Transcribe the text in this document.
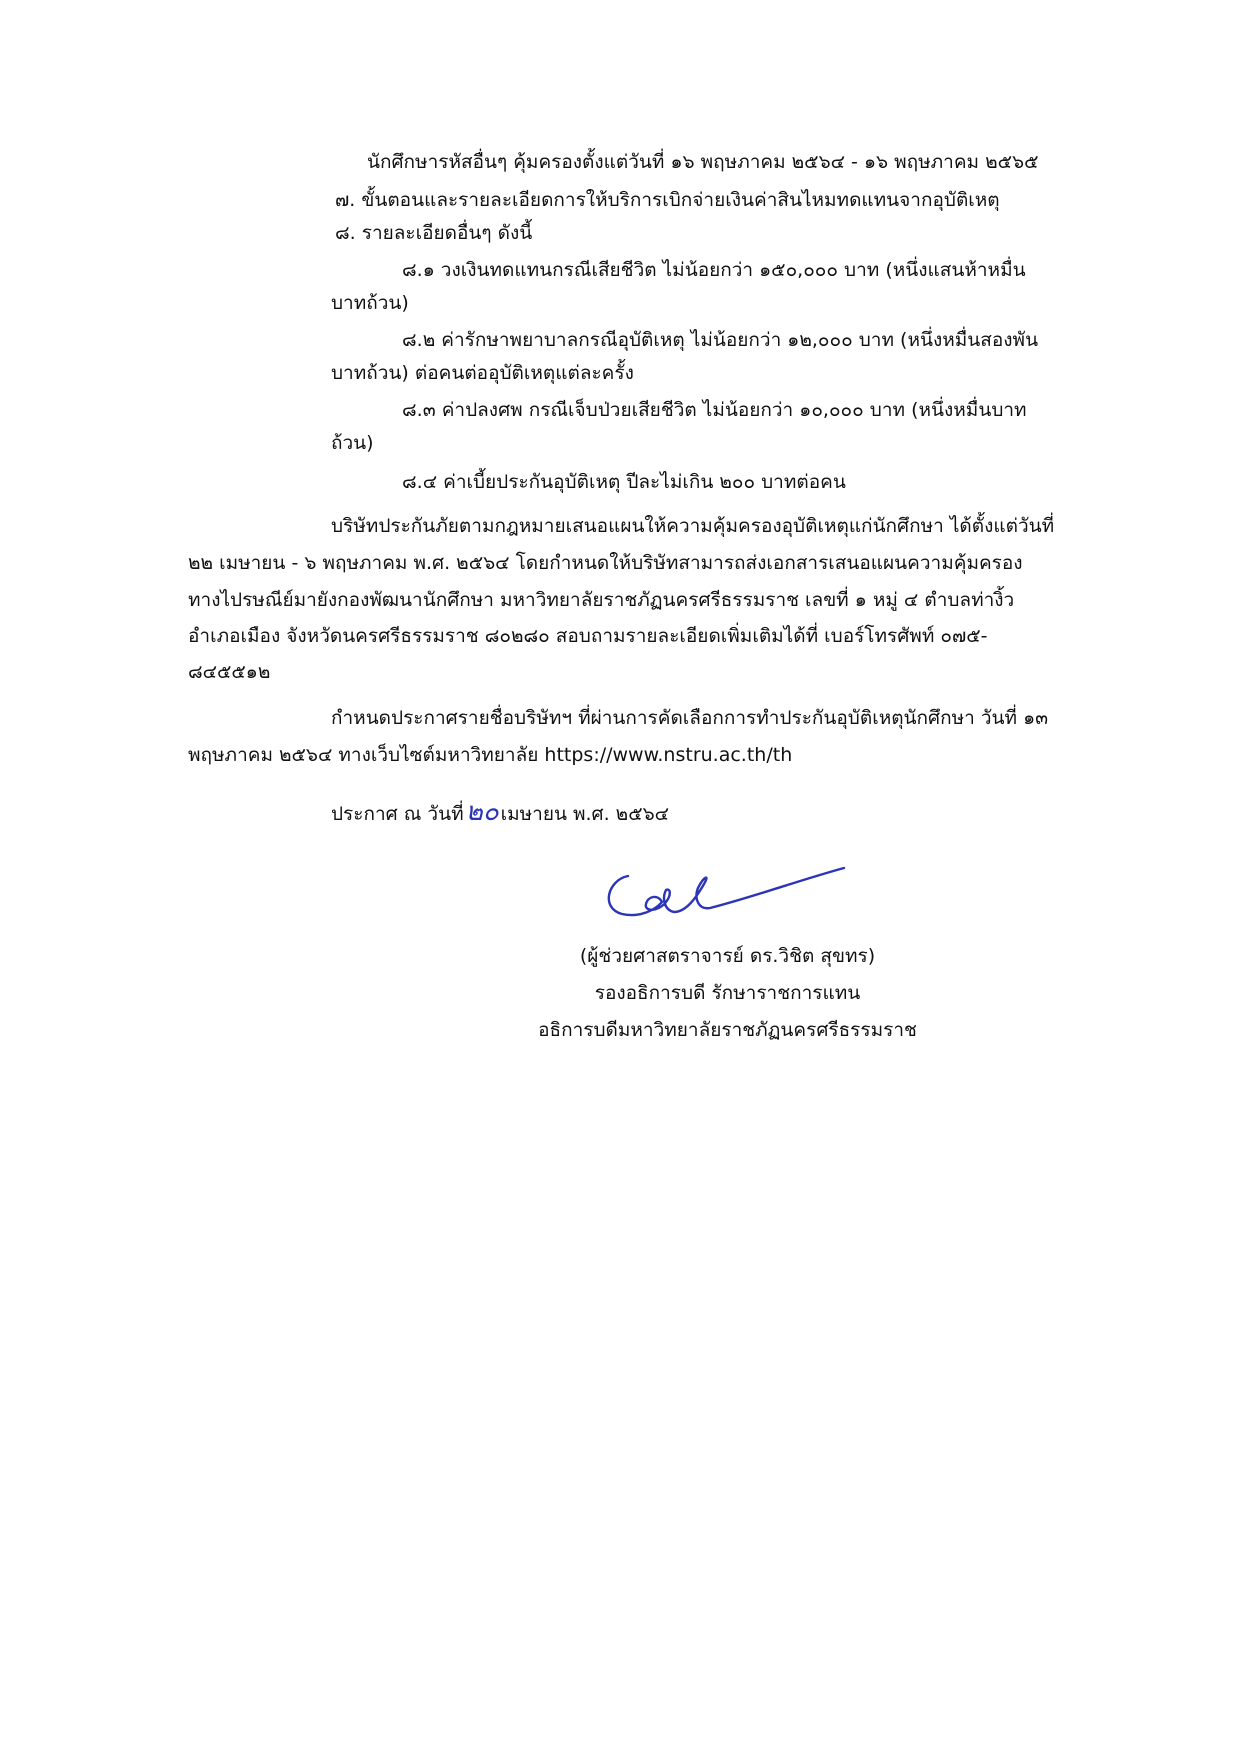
นักศึกษารหัสอื่นๆ คุ้มครองตั้งแต่วันที่ ๑๖ พฤษภาคม ๒๕๖๔ - ๑๖ พฤษภาคม ๒๕๖๕
๗. ขั้นตอนและรายละเอียดการให้บริการเบิกจ่ายเงินค่าสินไหมทดแทนจากอุบัติเหตุ
๘. รายละเอียดอื่นๆ ดังนี้
๘.๑ วงเงินทดแทนกรณีเสียชีวิต ไม่น้อยกว่า ๑๕๐,๐๐๐ บาท (หนึ่งแสนห้าหมื่น
บาทถ้วน)
๘.๒ ค่ารักษาพยาบาลกรณีอุบัติเหตุ ไม่น้อยกว่า ๑๒,๐๐๐ บาท (หนึ่งหมื่นสองพัน
บาทถ้วน) ต่อคนต่ออุบัติเหตุแต่ละครั้ง
๘.๓ ค่าปลงศพ กรณีเจ็บป่วยเสียชีวิต ไม่น้อยกว่า ๑๐,๐๐๐ บาท (หนึ่งหมื่นบาท
ถ้วน)
๘.๔ ค่าเบี้ยประกันอุบัติเหตุ ปีละไม่เกิน ๒๐๐ บาทต่อคน
บริษัทประกันภัยตามกฎหมายเสนอแผนให้ความคุ้มครองอุบัติเหตุแก่นักศึกษา ได้ตั้งแต่วันที่
๒๒ เมษายน - ๖ พฤษภาคม พ.ศ. ๒๕๖๔ โดยกำหนดให้บริษัทสามารถส่งเอกสารเสนอแผนความคุ้มครอง
ทางไปรษณีย์มายังกองพัฒนานักศึกษา มหาวิทยาลัยราชภัฏนครศรีธรรมราช เลขที่ ๑ หมู่ ๔ ตำบลท่างิ้ว
อำเภอเมือง จังหวัดนครศรีธรรมราช ๘๐๒๘๐ สอบถามรายละเอียดเพิ่มเติมได้ที่ เบอร์โทรศัพท์ ๐๗๕-
๘๔๕๕๑๒
กำหนดประกาศรายชื่อบริษัทฯ ที่ผ่านการคัดเลือกการทำประกันอุบัติเหตุนักศึกษา วันที่ ๑๓
พฤษภาคม ๒๕๖๔ ทางเว็บไซต์มหาวิทยาลัย https://www.nstru.ac.th/th
ประกาศ ณ วันที่๒๐ เมษายน พ.ศ. ๒๕๖๔
(ผู้ช่วยศาสตราจารย์ ดร.วิชิต สุขทร)
รองอธิการบดี รักษาราชการแทน
อธิการบดีมหาวิทยาลัยราชภัฏนครศรีธรรมราช
